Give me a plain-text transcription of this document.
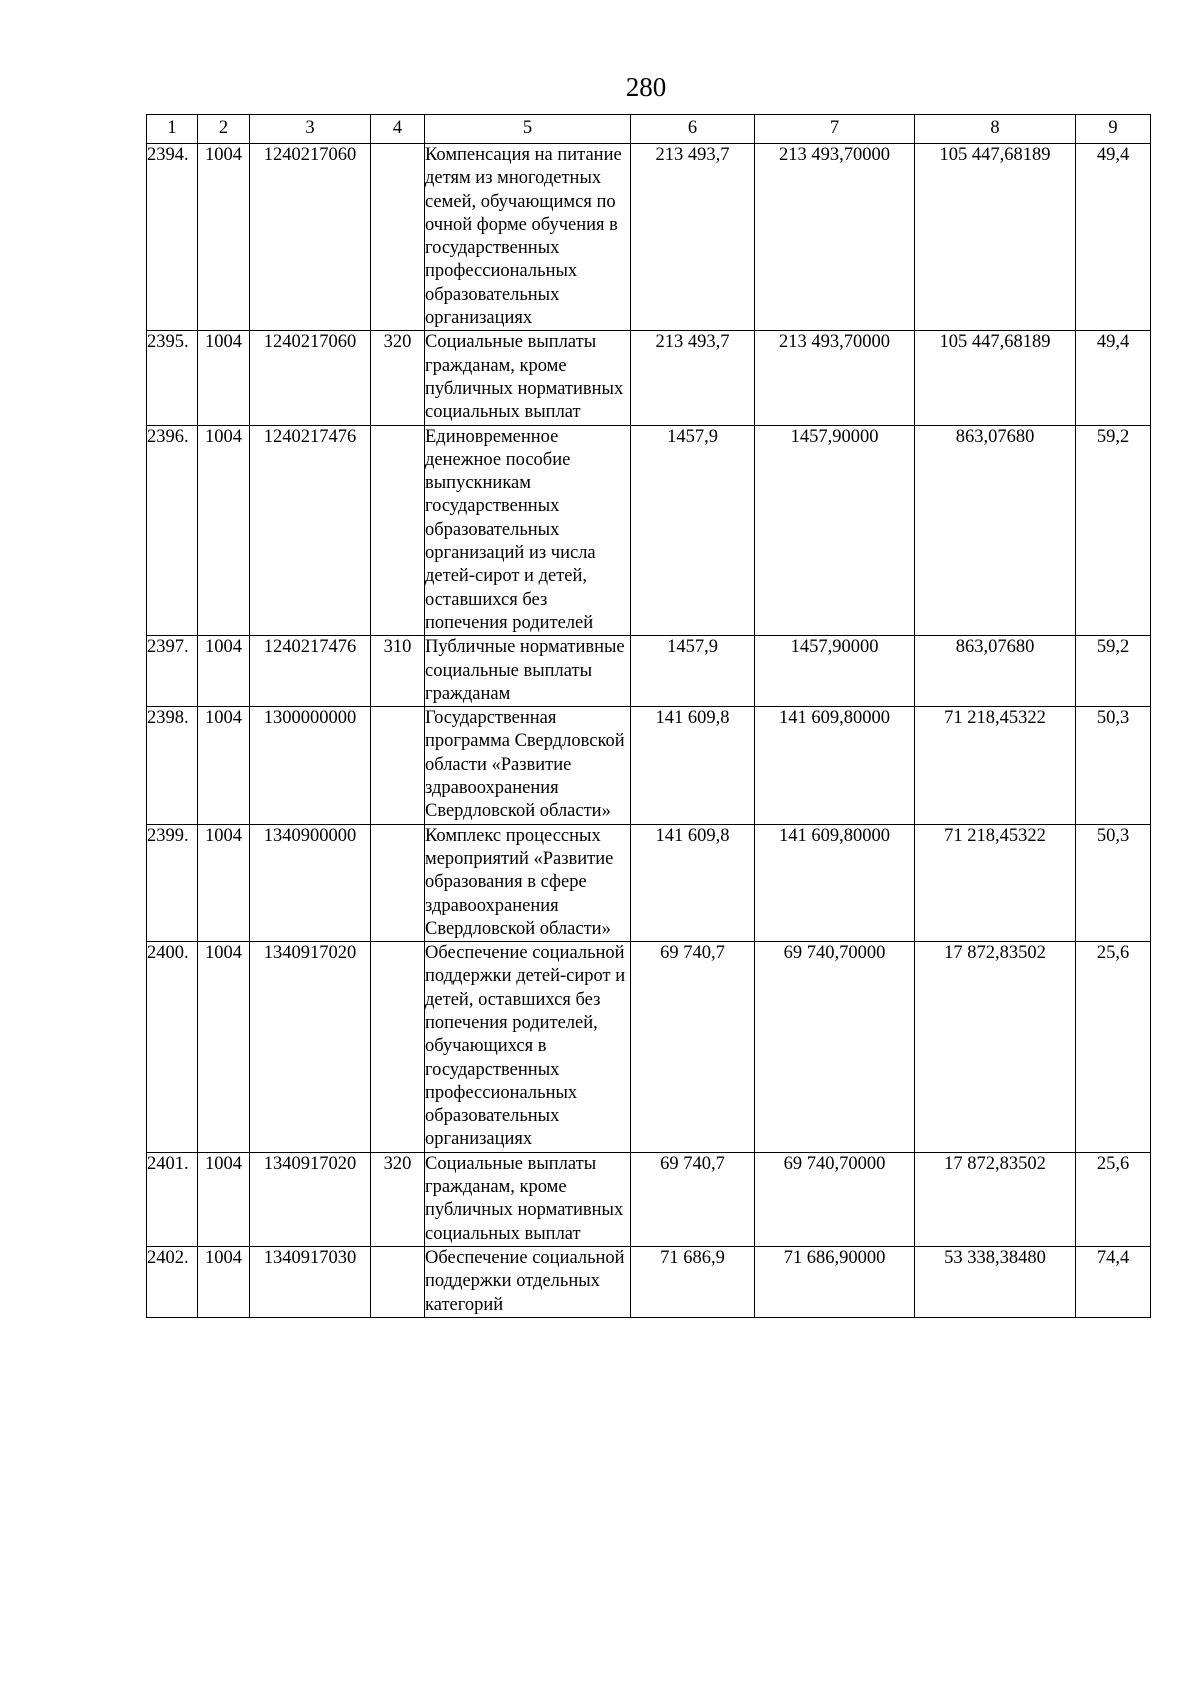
280
1	2	3	4	5	6	7	8	9
2394.	1004	1240217060		Компенсация на питание детям из многодетных семей, обучающимся по очной форме обучения в государственных профессиональных образовательных организациях	213 493,7	213 493,70000	105 447,68189	49,4
2395.	1004	1240217060	320	Социальные выплаты гражданам, кроме публичных нормативных социальных выплат	213 493,7	213 493,70000	105 447,68189	49,4
2396.	1004	1240217476		Единовременное денежное пособие выпускникам государственных образовательных организаций из числа детей-сирот и детей, оставшихся без попечения родителей	1457,9	1457,90000	863,07680	59,2
2397.	1004	1240217476	310	Публичные нормативные социальные выплаты гражданам	1457,9	1457,90000	863,07680	59,2
2398.	1004	1300000000		Государственная программа Свердловской области «Развитие здравоохранения Свердловской области»	141 609,8	141 609,80000	71 218,45322	50,3
2399.	1004	1340900000		Комплекс процессных мероприятий «Развитие образования в сфере здравоохранения Свердловской области»	141 609,8	141 609,80000	71 218,45322	50,3
2400.	1004	1340917020		Обеспечение социальной поддержки детей-сирот и детей, оставшихся без попечения родителей, обучающихся в государственных профессиональных образовательных организациях	69 740,7	69 740,70000	17 872,83502	25,6
2401.	1004	1340917020	320	Социальные выплаты гражданам, кроме публичных нормативных социальных выплат	69 740,7	69 740,70000	17 872,83502	25,6
2402.	1004	1340917030		Обеспечение социальной поддержки отдельных категорий	71 686,9	71 686,90000	53 338,38480	74,4
